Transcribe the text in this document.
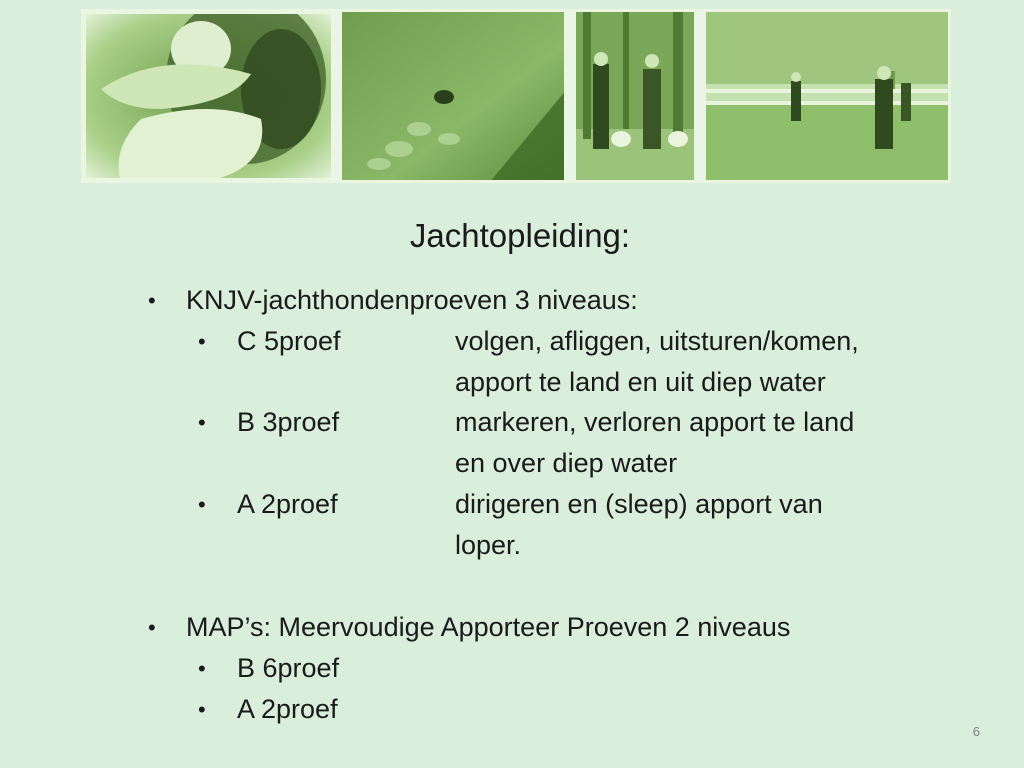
Jachtopleiding:
• KNJV-jachthondenproeven 3 niveaus:
• C 5proef	volgen, afliggen, uitsturen/komen,
apport te land en uit diep water
• B 3proef	markeren, verloren apport te land
en over diep water
• A 2proef	dirigeren en (sleep) apport van
loper.
• MAP’s: Meervoudige Apporteer Proeven 2 niveaus
• B 6proef
• A 2proef
6
